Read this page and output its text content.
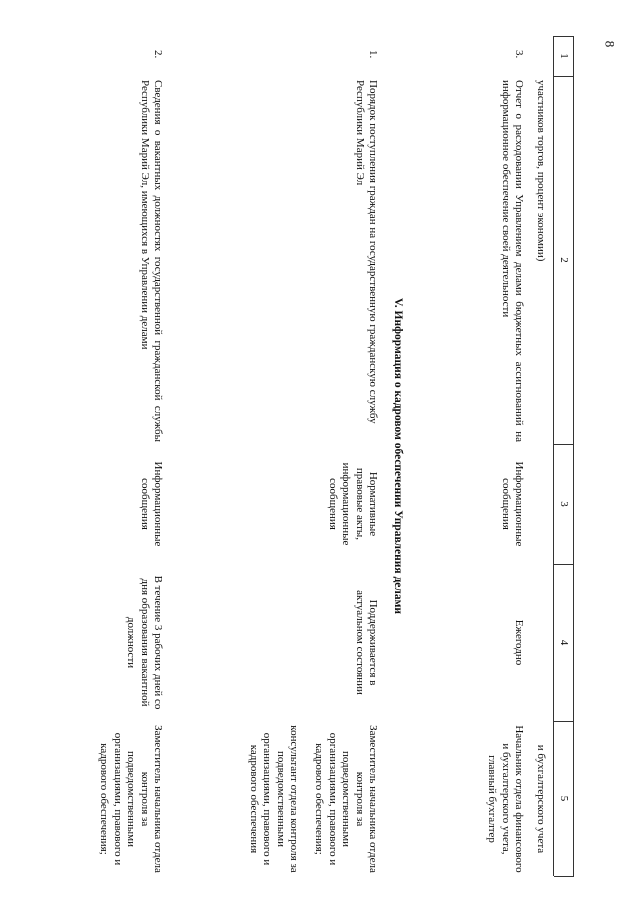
8
1
2
3
4
5
участников торгов, процент экономии)
и бухгалтерского учета
3.
Отчет о расходовании Управлением делами бюджетных ассигнований на информационное обеспечение своей деятельности
Информационные сообщения
Ежегодно
Начальник отдела финансового и бухгалтерского учета, главный бухгалтер
V. Информация о кадровом обеспечении Управления делами
1.
Порядок поступления граждан на государственную гражданскую службу Республики Марий Эл
Нормативные правовые акты, информационные сообщения
Поддерживается в актуальном состоянии
Заместитель начальника отдела контроля за подведомственными организациями, правового и кадрового обеспечения;
консультант отдела контроля за подведомственными организациями, правового и кадрового обеспечения
2.
Сведения о вакантных должностях государственной гражданской службы Республики Марий Эл, имеющихся в Управлении делами
Информационные сообщения
В течение 3 рабочих дней со дня образования вакантной должности
Заместитель начальника отдела контроля за подведомственными организациями, правового и кадрового обеспечения;
